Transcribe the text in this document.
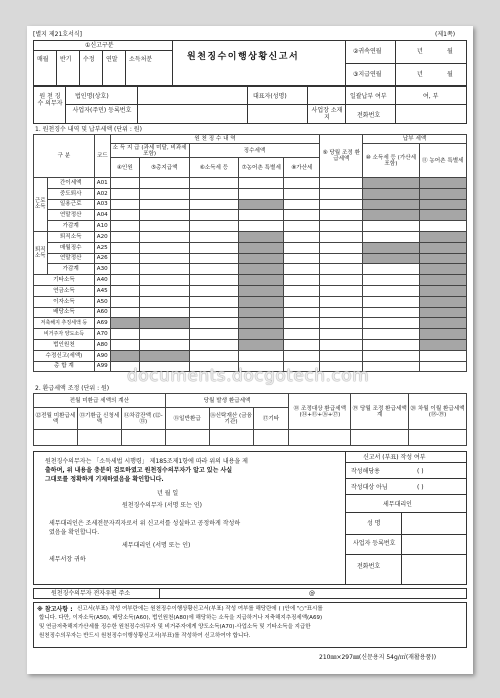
[별지 제21호서식]	(제1쪽)
①신고구분
매월 반기 수정 연말 소득처분	원천징수이행상황신고서
②귀속연월	년	월
③지급연월	년	월
원 천 징 수 의무자
법인명(상호)	대표자(성명)	일괄납부 여부	여, 부
사업자(주민) 등록번호	사업장 소재지	전화번호
1. 원천징수 내역 및 납부세액 (단위 : 원)
구 분		코드	원 천 징 수 내 역					⑨ 당월 조정 환급세액	납부 세액	
			소 득 지 급 (과세 미달, 비과세 포함)		징수세액				⑩ 소득세 등 (가산세 포함)	⑪ 농어촌 특별세
			④인원	⑤총지급액	⑥소득세 등	⑦농어촌 특별세	⑧가산세			
근로소득	간이세액	A01								
	중도퇴사	A02								
	일용근로	A03								
	연말정산	A04								
	가감계	A10								
퇴직소득	퇴직소득	A20								
	매월징수	A25								
	연말정산	A26								
	가감계	A30								
기타소득		A40								
연금소득		A45								
이자소득		A50								
배당소득		A60								
저축해지 추징세액 등		A69								
비거주자 양도소득		A70								
법인원천		A80								
수정신고(세액)		A90								
총 합 계		A99								
2. 환급세액 조정 (단위 : 원)
전월 미환급 세액의 계산			당월 발생 환급세액			⑱ 조정대상 환급세액 (⑭+⑮+⑯+⑰)	⑲ 당월 조정 환급세액계	⑳ 차월 이월 환급세액 (⑱-⑲)
⑫전월 미환급세액	⑬기환급 신청세액	⑭차감잔액 (⑫-⑬)	⑮일반환급	⑯신탁재산 (금융기관)	⑰기타			

원천징수의무자는 「소득세법 시행령」 제185조제1항에 따라 위의 내용을 제
출하며, 위 내용을 충분히 검토하였고 원천징수의무자가 알고 있는 사실
그대로를 정확하게 기재하였음을 확인합니다.
년 월 일
원천징수의무자 (서명 또는 인)
세무대리인은 조세전문자격자로서 위 신고서를 성실하고 공정하게 작성하
였음을 확인합니다.
세무대리인 (서명 또는 인)
세무서장 귀하
신고서 (부표) 작성 여부
작성해당용	( )
작성대상 아님	( )
세무대리인
성 명
사업자 등록번호
전화번호
원천징수의무자 전자우편 주소	@
※ 참고사항 : 신고서(부표) 작성 여부란에는 원천징수이행상황신고서(부표) 작성 여부를 해당란에 ( )안에 "○"표시를
합니다. 다만, 이자소득(A50), 배당소득(A60), 법인원천(A80)에 해당하는 소득을 지급하거나 저축해지추징세액(A69)
및 연금저축해지가산세를 징수한 원천징수의무자 및 비거주자에게 양도소득(A70)·사업소득 및 기타소득을 지급한
원천징수의무자는 반드시 원천징수이행상황신고서(부표)를 작성하여 신고하여야 합니다.
210㎜×297㎜(신문용지 54g/㎡(재활용품))
documents.docgotech.com
